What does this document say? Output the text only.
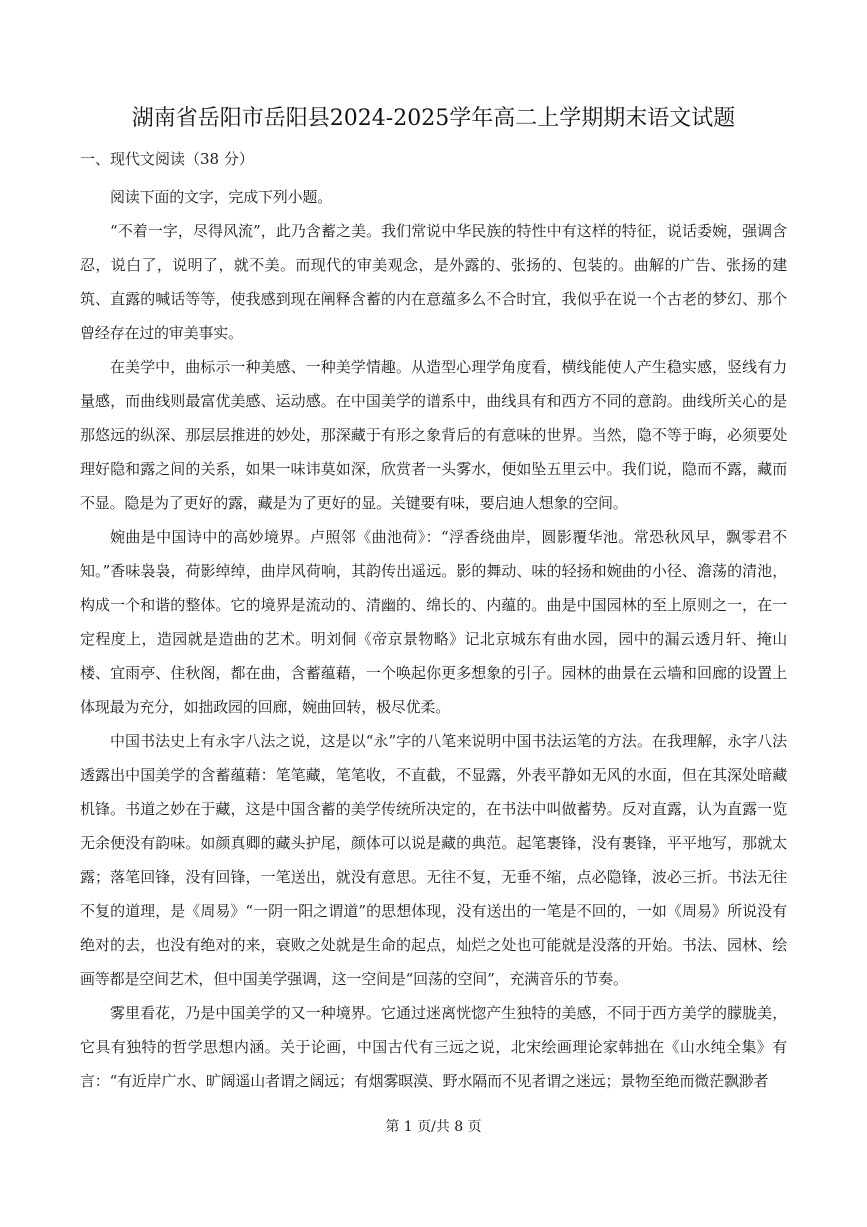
湖南省岳阳市岳阳县2024-2025学年高二上学期期末语文试题
一、现代文阅读（38 分）

阅读下面的文字，完成下列小题。

“不着一字，尽得风流”，此乃含蓄之美。我们常说中华民族的特性中有这样的特征，说话委婉，强调含忍，说白了，说明了，就不美。而现代的审美观念，是外露的、张扬的、包装的。曲解的广告、张扬的建筑、直露的喊话等等，使我感到现在阐释含蓄的内在意蕴多么不合时宜，我似乎在说一个古老的梦幻、那个曾经存在过的审美事实。

在美学中，曲标示一种美感、一种美学情趣。从造型心理学角度看，横线能使人产生稳实感，竖线有力量感，而曲线则最富优美感、运动感。在中国美学的谱系中，曲线具有和西方不同的意韵。曲线所关心的是那悠远的纵深、那层层推进的妙处，那深藏于有形之象背后的有意味的世界。当然，隐不等于晦，必须要处理好隐和露之间的关系，如果一味讳莫如深，欣赏者一头雾水，便如坠五里云中。我们说，隐而不露，藏而不显。隐是为了更好的露，藏是为了更好的显。关键要有味，要启迪人想象的空间。

婉曲是中国诗中的高妙境界。卢照邻《曲池荷》：“浮香绕曲岸，圆影覆华池。常恐秋风早，飘零君不知。”香味袅袅，荷影绰绰，曲岸风荷响，其韵传出遥远。影的舞动、味的轻扬和婉曲的小径、澹荡的清池，构成一个和谐的整体。它的境界是流动的、清幽的、绵长的、内蕴的。曲是中国园林的至上原则之一，在一定程度上，造园就是造曲的艺术。明刘侗《帝京景物略》记北京城东有曲水园，园中的漏云透月轩、掩山楼、宜雨亭、住秋阁，都在曲，含蓄蕴藉，一个唤起你更多想象的引子。园林的曲景在云墙和回廊的设置上体现最为充分，如拙政园的回廊，婉曲回转，极尽优柔。

中国书法史上有永字八法之说，这是以“永”字的八笔来说明中国书法运笔的方法。在我理解，永字八法透露出中国美学的含蓄蕴藉：笔笔藏，笔笔收，不直截，不显露，外表平静如无风的水面，但在其深处暗藏机锋。书道之妙在于藏，这是中国含蓄的美学传统所决定的，在书法中叫做蓄势。反对直露，认为直露一览无余便没有韵味。如颜真卿的藏头护尾，颜体可以说是藏的典范。起笔裹锋，没有裹锋，平平地写，那就太露；落笔回锋，没有回锋，一笔送出，就没有意思。无往不复，无垂不缩，点必隐锋，波必三折。书法无往不复的道理，是《周易》“一阴一阳之谓道”的思想体现，没有送出的一笔是不回的，一如《周易》所说没有绝对的去，也没有绝对的来，衰败之处就是生命的起点，灿烂之处也可能就是没落的开始。书法、园林、绘画等都是空间艺术，但中国美学强调，这一空间是“回荡的空间”，充满音乐的节奏。

雾里看花，乃是中国美学的又一种境界。它通过迷离恍惚产生独特的美感，不同于西方美学的朦胧美，它具有独特的哲学思想内涵。关于论画，中国古代有三远之说，北宋绘画理论家韩拙在《山水纯全集》有言：“有近岸广水、旷阔遥山者谓之阔远；有烟雾暝漠、野水隔而不见者谓之迷远；景物至绝而微茫飘渺者

第 1 页/共 8 页
